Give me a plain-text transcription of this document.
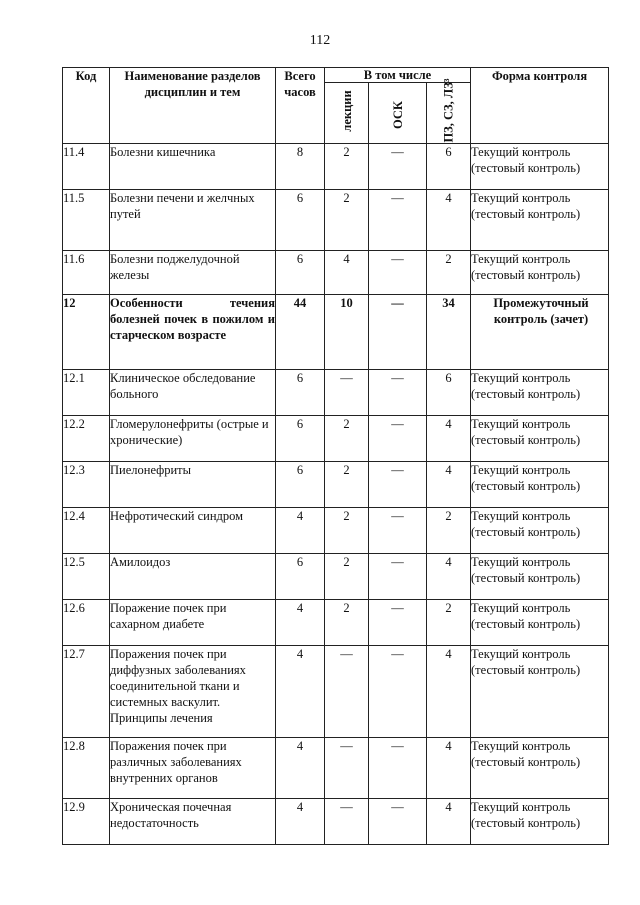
112
Код	Наименование разделов дисциплин и тем	Всего часов	В том числе			Форма контроля

			лекции	ОСК	ПЗ, СЗ, ЛЗ³	

11.4	Болезни кишечника	8	2	—	6	Текущий контроль (тестовый контроль)
11.5	Болезни печени и желчных путей	6	2	—	4	Текущий контроль (тестовый контроль)
11.6	Болезни поджелудочной железы	6	4	—	2	Текущий контроль (тестовый контроль)
12	Особенности течения болезней почек в пожилом и старческом возрасте	44	10	—	34	Промежуточный контроль (зачет)
12.1	Клиническое обследование больного	6	—	—	6	Текущий контроль (тестовый контроль)
12.2	Гломерулонефриты (острые и хронические)	6	2	—	4	Текущий контроль (тестовый контроль)
12.3	Пиелонефриты	6	2	—	4	Текущий контроль (тестовый контроль)
12.4	Нефротический синдром	4	2	—	2	Текущий контроль (тестовый контроль)
12.5	Амилоидоз	6	2	—	4	Текущий контроль (тестовый контроль)
12.6	Поражение почек при сахарном диабете	4	2	—	2	Текущий контроль (тестовый контроль)
12.7	Поражения почек при диффузных заболеваниях соединительной ткани и системных васкулит. Принципы лечения	4	—	—	4	Текущий контроль (тестовый контроль)
12.8	Поражения почек при различных заболеваниях внутренних органов	4	—	—	4	Текущий контроль (тестовый контроль)
12.9	Хроническая почечная недостаточность	4	—	—	4	Текущий контроль (тестовый контроль)
